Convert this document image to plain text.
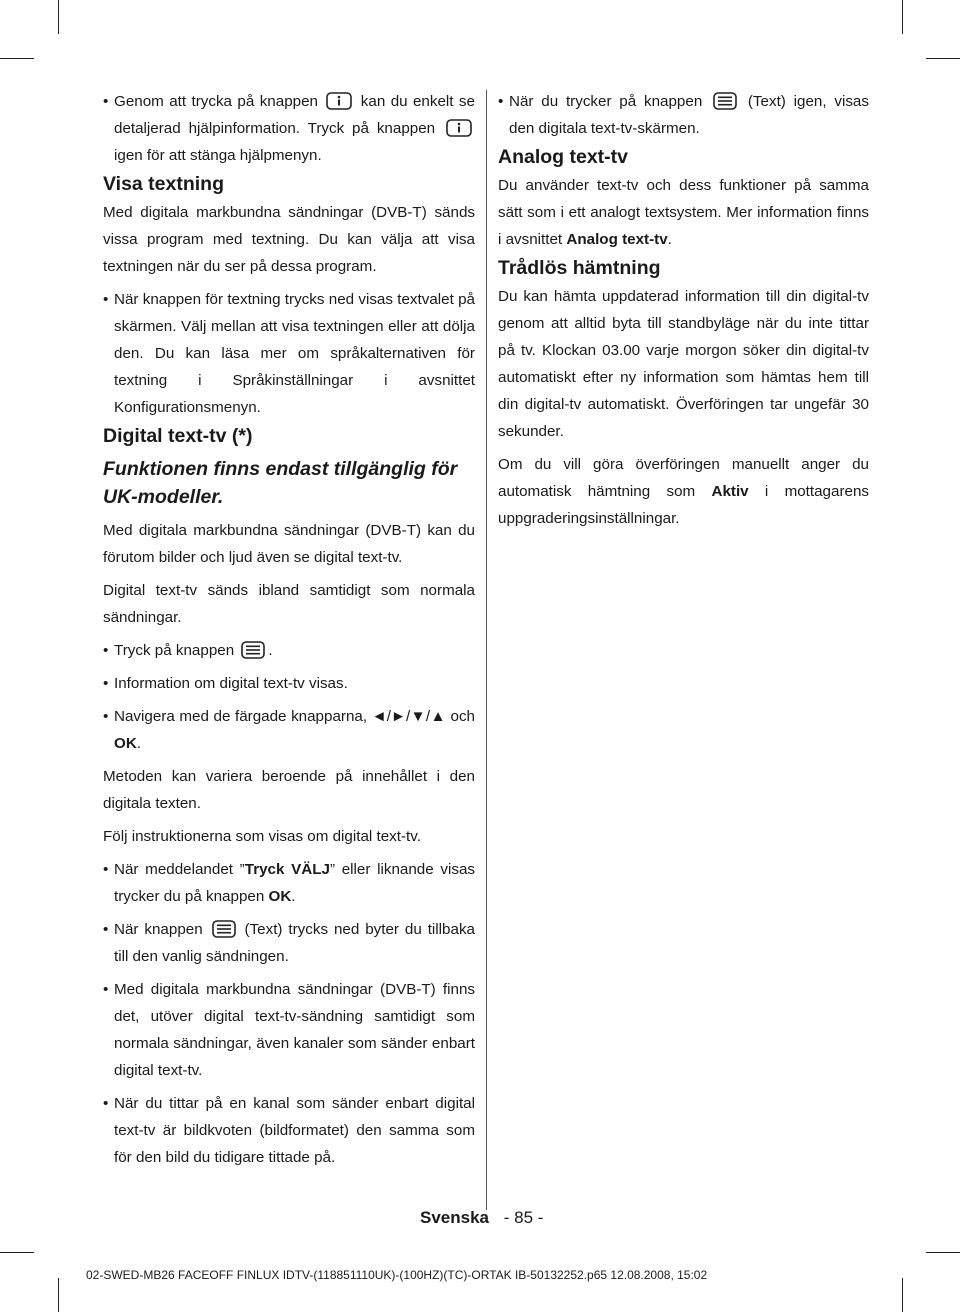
• Genom att trycka på knappen	kan du enkelt se detaljerad hjälpinformation. Tryck på knappen  igen för att stänga hjälpmenyn.

Visa textning

Med digitala markbundna sändningar (DVB-T) sänds vissa program med textning. Du kan välja att visa textningen när du ser på dessa program.

• När knappen för textning trycks ned visas textvalet på skärmen. Välj mellan att visa textningen eller att dölja den. Du kan läsa mer om språkalternativen för textning i Språkinställningar i avsnittet Konfigurationsmenyn.

Digital text-tv (*)
Funktionen finns endast tillgänglig för UK-modeller.

Med digitala markbundna sändningar (DVB-T) kan du förutom bilder och ljud även se digital text-tv.

Digital text-tv sänds ibland samtidigt som normala sändningar.

• Tryck på knappen .

• Information om digital text-tv visas.

• Navigera med de färgade knapparna, ◄/►/▼/▲ och OK.

Metoden kan variera beroende på innehållet i den digitala texten.

Följ instruktionerna som visas om digital text-tv.

• När meddelandet ”Tryck VÄLJ” eller liknande visas trycker du på knappen OK.

• När knappen	(Text) trycks ned byter du tillbaka till den vanlig sändningen.

• Med digitala markbundna sändningar (DVB-T) finns det, utöver digital text-tv-sändning samtidigt som normala sändningar, även kanaler som sänder enbart digital text-tv.

• När du tittar på en kanal som sänder enbart digital text-tv är bildkvoten (bildformatet) den samma som för den bild du tidigare tittade på.

• När du trycker på knappen	(Text) igen, visas den digitala text-tv-skärmen.

Analog text-tv

Du använder text-tv och dess funktioner på samma sätt som i ett analogt textsystem. Mer information finns i avsnittet Analog text-tv.

Trådlös hämtning

Du kan hämta uppdaterad information till din digital-tv genom att alltid byta till standbyläge när du inte tittar på tv. Klockan 03.00 varje morgon söker din digital-tv automatiskt efter ny information som hämtas hem till din digital-tv automatiskt. Överföringen tar ungefär 30 sekunder.

Om du vill göra överföringen manuellt anger du automatisk hämtning som Aktiv i mottagarens uppgraderingsinställningar.

Svenska - 85 -
02-SWED-MB26 FACEOFF FINLUX IDTV-(118851110UK)-(100HZ)(TC)-ORTAK IB-50132252.p65 12.08.2008, 15:02
